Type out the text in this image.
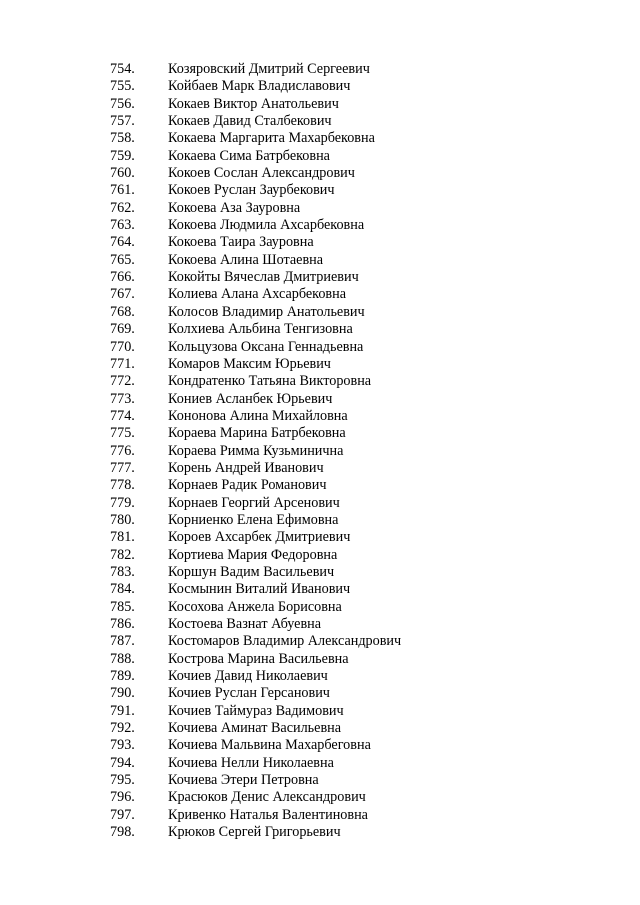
754.	Козяровский Дмитрий Сергеевич
755.	Койбаев Марк Владиславович
756.	Кокаев Виктор Анатольевич
757.	Кокаев Давид Сталбекович
758.	Кокаева Маргарита Махарбековна
759.	Кокаева Сима Батрбековна
760.	Кокоев Сослан Александрович
761.	Кокоев Руслан Заурбекович
762.	Кокоева Аза Зауровна
763.	Кокоева Людмила Ахсарбековна
764.	Кокоева Таира Зауровна
765.	Кокоева Алина Шотаевна
766.	Кокойты Вячеслав Дмитриевич
767.	Колиева Алана Ахсарбековна
768.	Колосов Владимир Анатольевич
769.	Колхиева Альбина Тенгизовна
770.	Кольцузова Оксана Геннадьевна
771.	Комаров Максим Юрьевич
772.	Кондратенко Татьяна Викторовна
773.	Кониев Асланбек Юрьевич
774.	Кононова Алина Михайловна
775.	Кораева Марина Батрбековна
776.	Кораева Римма Кузьминична
777.	Корень Андрей Иванович
778.	Корнаев Радик Романович
779.	Корнаев Георгий Арсенович
780.	Корниенко Елена Ефимовна
781.	Короев Ахсарбек Дмитриевич
782.	Кортиева Мария Федоровна
783.	Коршун Вадим Васильевич
784.	Космынин Виталий Иванович
785.	Косохова Анжела Борисовна
786.	Костоева Вазнат Абуевна
787.	Костомаров Владимир Александрович
788.	Кострова Марина Васильевна
789.	Кочиев Давид Николаевич
790.	Кочиев Руслан Герсанович
791.	Кочиев Таймураз Вадимович
792.	Кочиева Аминат Васильевна
793.	Кочиева Мальвина Махарбеговна
794.	Кочиева Нелли Николаевна
795.	Кочиева Этери Петровна
796.	Красюков Денис Александрович
797.	Кривенко Наталья Валентиновна
798.	Крюков Сергей Григорьевич
